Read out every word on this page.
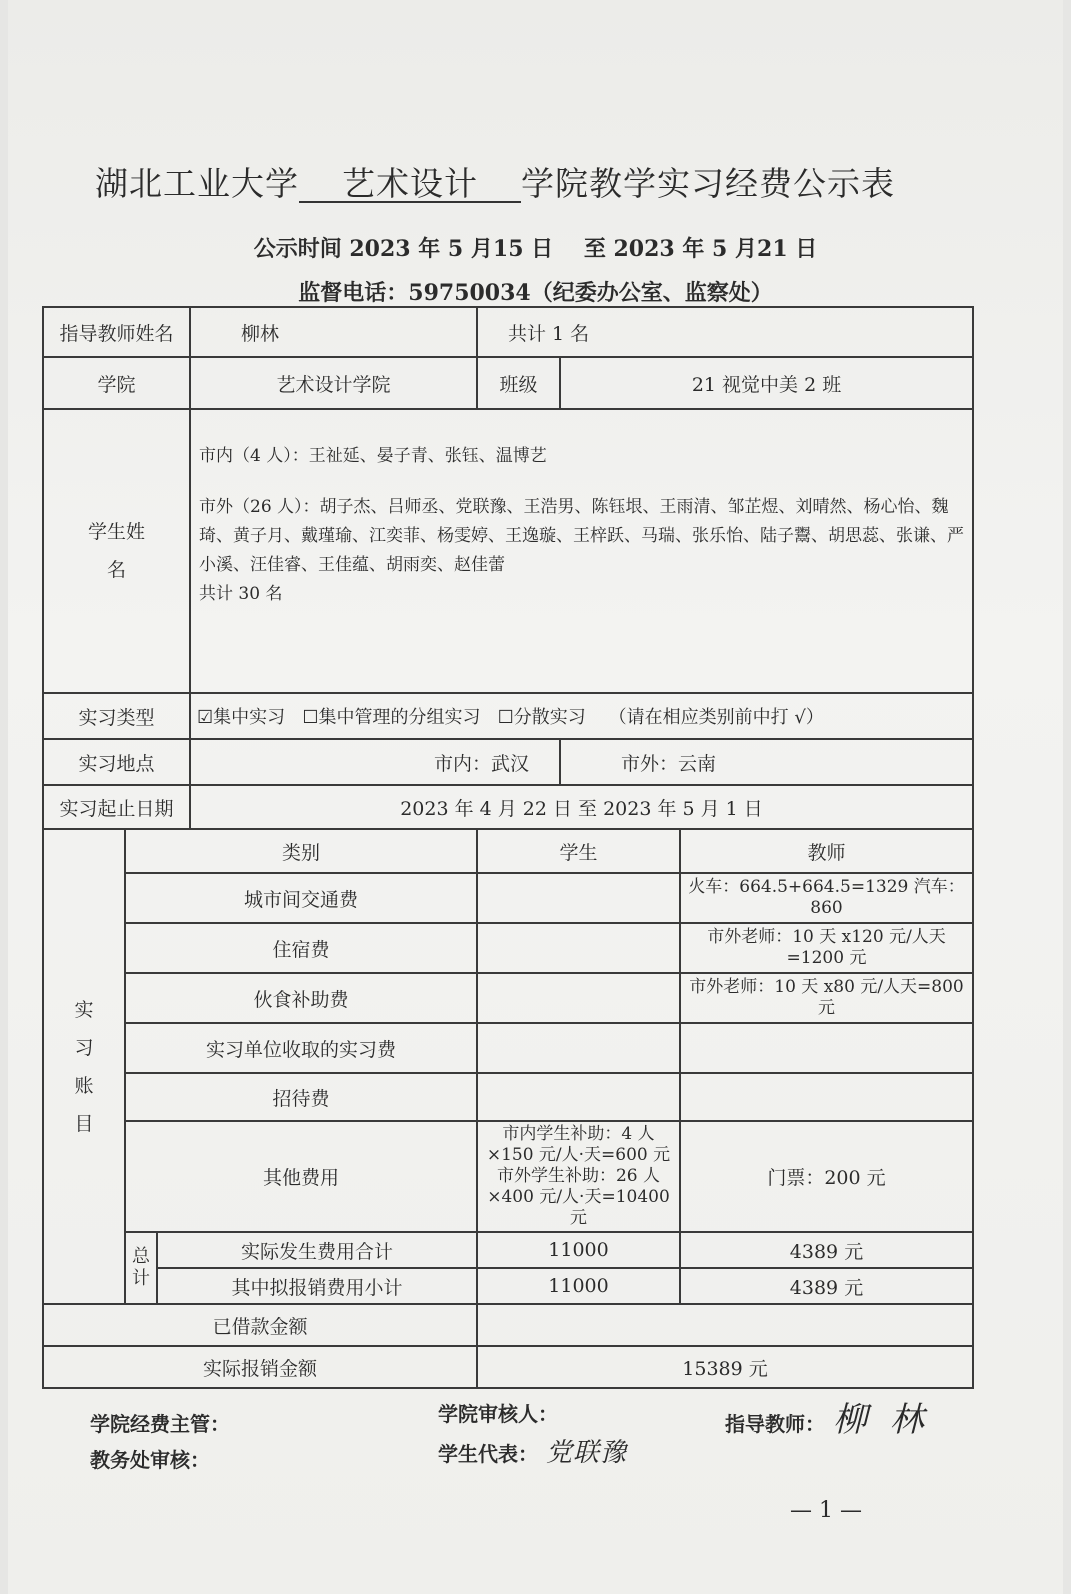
湖北工业大学 艺术设计 学院教学实习经费公示表
公示时间 2023 年 5 月15 日 至 2023 年 5 月21 日
监督电话：59750034（纪委办公室、监察处）
指导教师姓名			柳林	共计 1 名		
学院			艺术设计学院	班级	21 视觉中美 2 班	
学生姓名			市内（4 人）：王祉延、晏子青、张钰、温博艺
市外（26 人）：胡子杰、吕师丞、党联豫、王浩男、陈钰垠、王雨清、邹芷煜、刘晴然、杨心怡、魏琦、黄子月、戴瑾瑜、江奕菲、杨雯婷、王逸璇、王梓跃、马瑞、张乐怡、陆子鬻、胡思蕊、张谦、严小溪、汪佳睿、王佳蕴、胡雨奕、赵佳蕾
共计 30 名			

实习类型			☑集中实习 ☐集中管理的分组实习 ☐分散实习 （请在相应类别前中打 √）			
实习地点			市内：武汉		市外：云南	
实习起止日期			2023 年 4 月 22 日 至 2023 年 5 月 1 日			
实习账目	类别			学生		教师
	城市间交通费					火车：664.5+664.5=1329 汽车：860
	住宿费					市外老师：10 天 x120 元/人天=1200 元
	伙食补助费					市外老师：10 天 x80 元/人天=800 元
	实习单位收取的实习费					
	招待费					
	其他费用			市内学生补助：4 人×150 元/人·天=600 元 市外学生补助：26 人×400 元/人·天=10400 元		门票：200 元
	总计	实际发生费用合计		11000		4389 元
		其中拟报销费用小计		11000		4389 元
已借款金额						
实际报销金额				15389 元		
学院经费主管：	学院审核人：	指导教师： 柳 林
教务处审核：	学生代表： 党联豫
— 1 —
